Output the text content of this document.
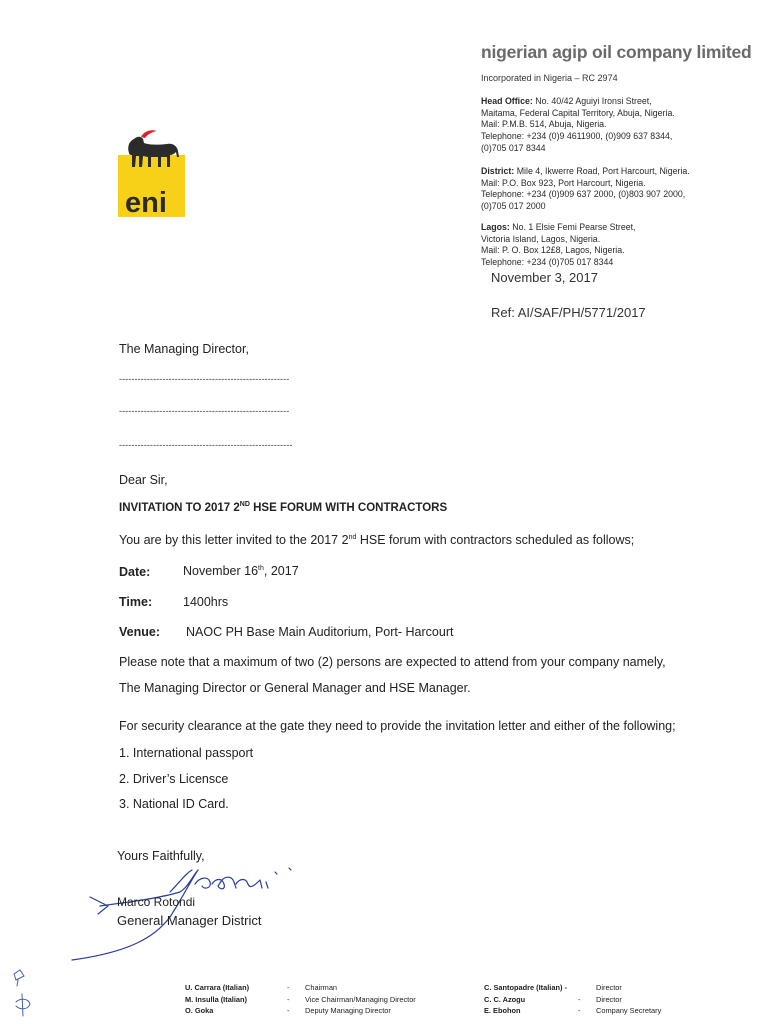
eni
nigerian agip oil company limited
Incorporated in Nigeria – RC 2974
Head Office: No. 40/42 Aguiyi Ironsi Street,
Maitama, Federal Capital Territory, Abuja, Nigeria.
Mail: P.M.B. 514, Abuja, Nigeria.
Telephone: +234 (0)9 4611900, (0)909 637 8344,
(0)705 017 8344
District: Mile 4, Ikwerre Road, Port Harcourt, Nigeria.
Mail: P.O. Box 923, Port Harcourt, Nigeria.
Telephone: +234 (0)909 637 2000, (0)803 907 2000,
(0)705 017 2000
Lagos: No. 1 Elsie Femi Pearse Street,
Victoria Island, Lagos, Nigeria.
Mail: P. O. Box 12£8, Lagos, Nigeria.
Telephone: +234 (0)705 017 8344
November 3, 2017
Ref: AI/SAF/PH/5771/2017
The Managing Director,
-------------------------------------------------------
-------------------------------------------------------
--------------------------------------------------------
Dear Sir,
INVITATION TO 2017 2ND HSE FORUM WITH CONTRACTORS
You are by this letter invited to the 2017 2nd HSE forum with contractors scheduled as follows;
Date:	November 16th, 2017
Time: 1400hrs
Venue: NAOC PH Base Main Auditorium, Port- Harcourt
Please note that a maximum of two (2) persons are expected to attend from your company namely,
The Managing Director or General Manager and HSE Manager.
For security clearance at the gate they need to provide the invitation letter and either of the following;
1. International passport
2. Driver’s Licensce
3. National ID Card.
Yours Faithfully,
Marco Rotondi
General Manager District
U. Carrara (Italian)	-	Chairman
M. Insulla (Italian)	-	Vice Chairman/Managing Director
O. Goka	-	Deputy Managing Director
C. Santopadre (Italian) -	Director
C. C. Azogu	-	Director
E. Ebohon	-	Company Secretary
